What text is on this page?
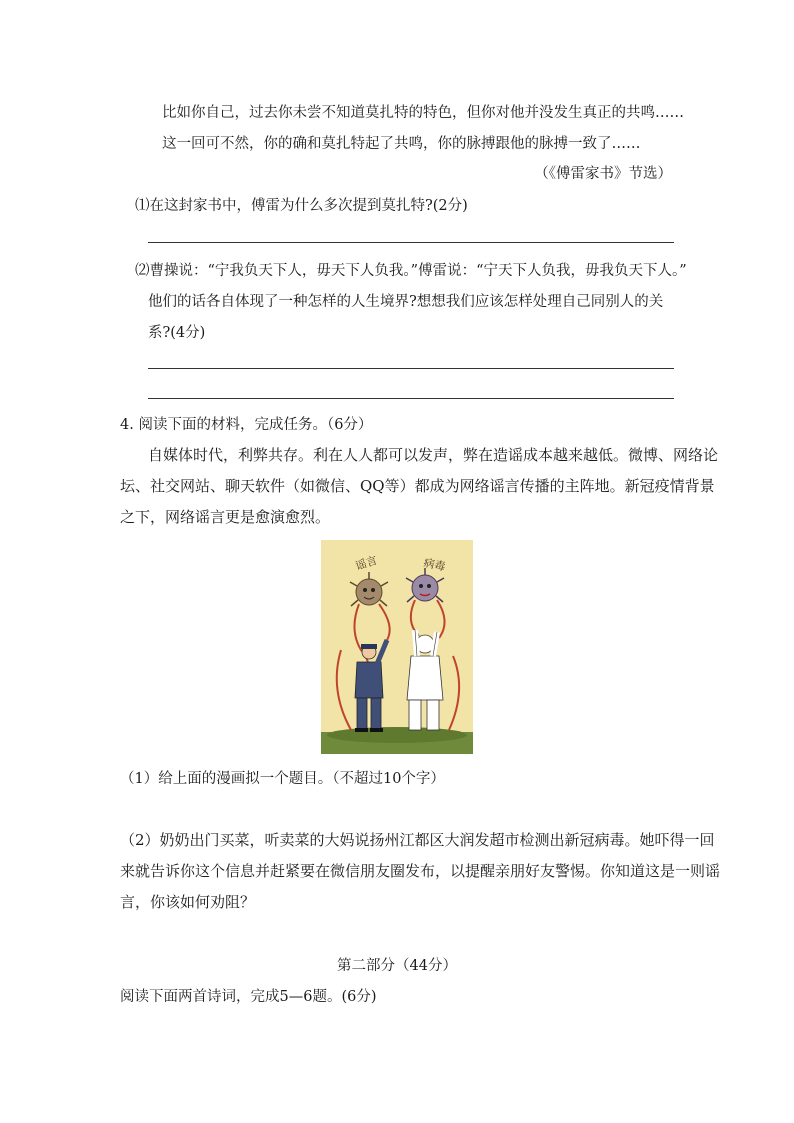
比如你自己，过去你未尝不知道莫扎特的特色，但你对他并没发生真正的共鸣……
这一回可不然，你的确和莫扎特起了共鸣，你的脉搏跟他的脉搏一致了……
（《傅雷家书》节选）
⑴在这封家书中，傅雷为什么多次提到莫扎特?(2分)
⑵曹操说：“宁我负天下人，毋天下人负我。”傅雷说：“宁天下人负我，毋我负天下人。”
他们的话各自体现了一种怎样的人生境界?想想我们应该怎样处理自己同别人的关
系?(4分)
4. 阅读下面的材料，完成任务。（6分）
自媒体时代，利弊共存。利在人人都可以发声，弊在造谣成本越来越低。微博、网络论
坛、社交网站、聊天软件（如微信、QQ等）都成为网络谣言传播的主阵地。新冠疫情背景
之下，网络谣言更是愈演愈烈。
谣言	病毒
（1）给上面的漫画拟一个题目。（不超过10个字）
（2）奶奶出门买菜，听卖菜的大妈说扬州江都区大润发超市检测出新冠病毒。她吓得一回
来就告诉你这个信息并赶紧要在微信朋友圈发布，以提醒亲朋好友警惕。你知道这是一则谣
言，你该如何劝阻？
第二部分（44分）
阅读下面两首诗词，完成5—6题。(6分)
